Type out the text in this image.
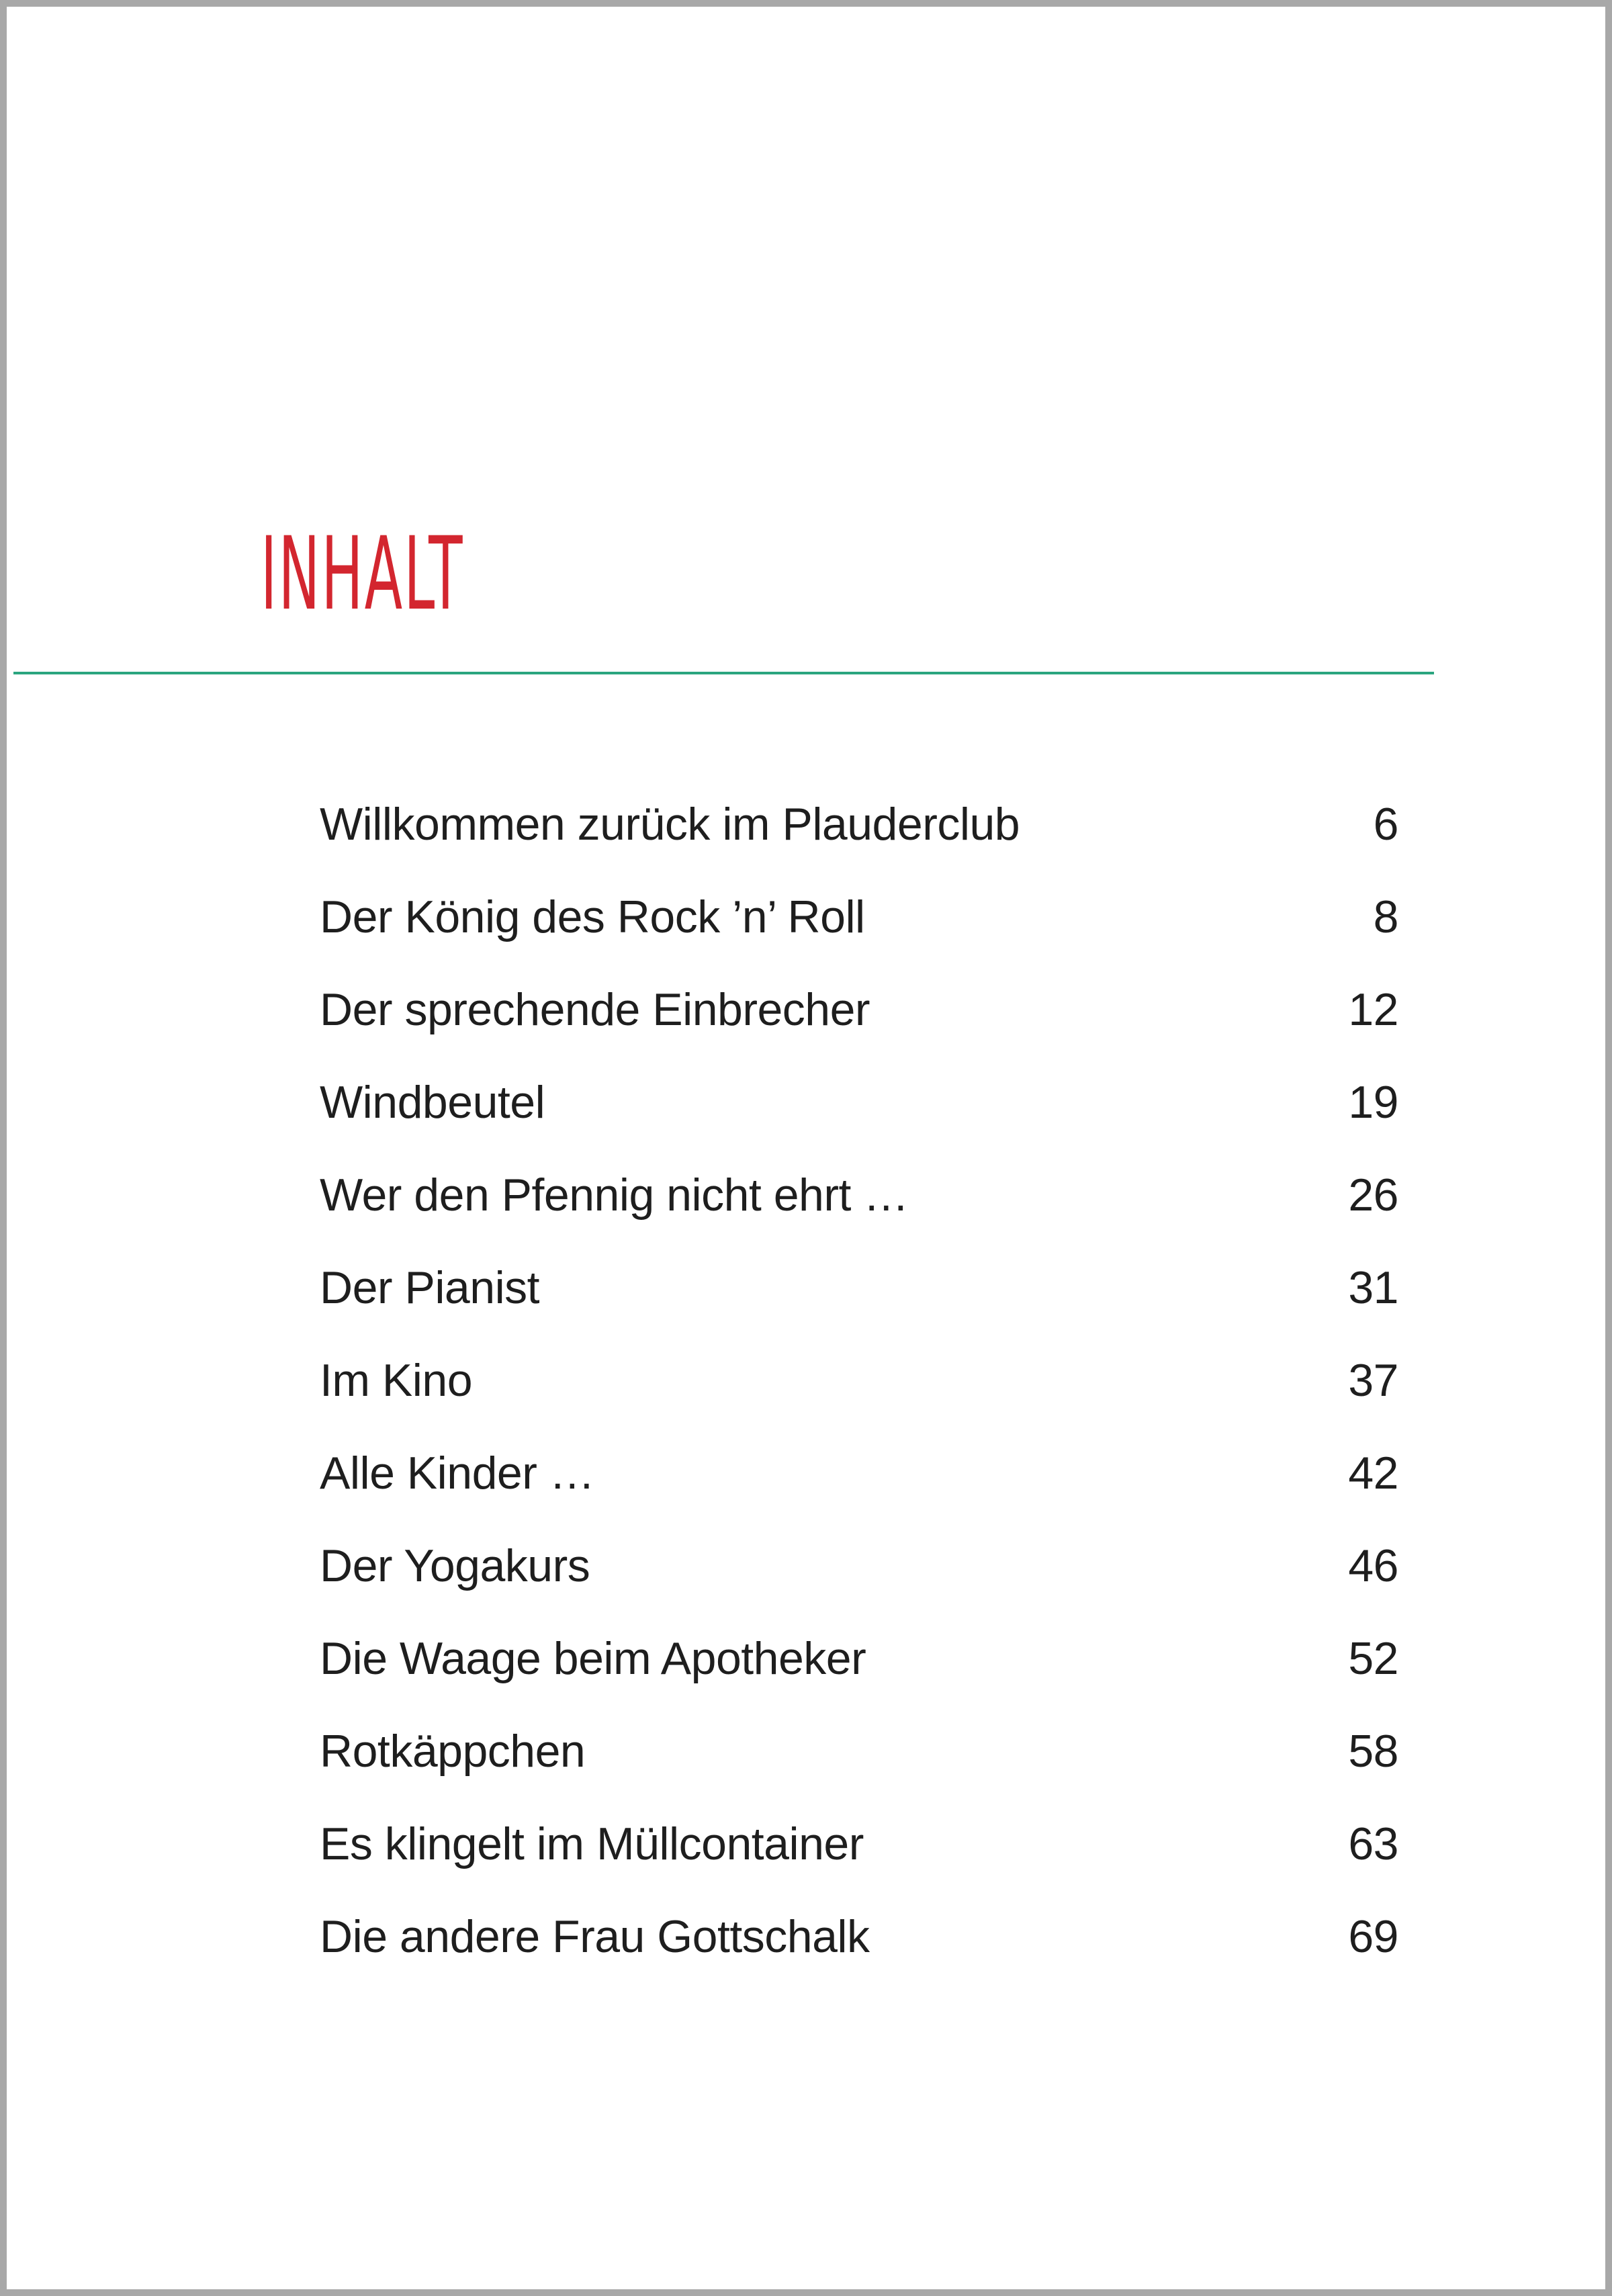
INHALT
Willkommen zurück im Plauderclub	6
Der König des Rock ’n’ Roll	8
Der sprechende Einbrecher	12
Windbeutel	19
Wer den Pfennig nicht ehrt …	26
Der Pianist	31
Im Kino	37
Alle Kinder …	42
Der Yogakurs	46
Die Waage beim Apotheker	52
Rotkäppchen	58
Es klingelt im Müllcontainer	63
Die andere Frau Gottschalk	69
